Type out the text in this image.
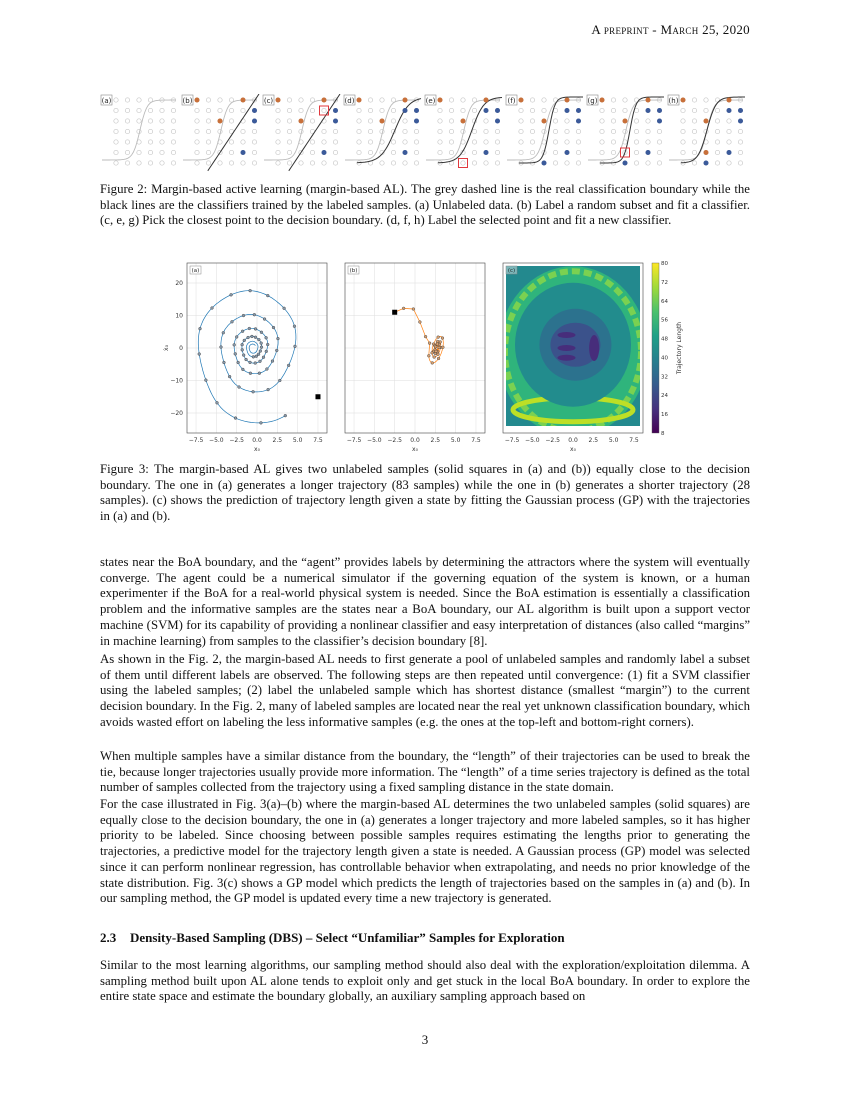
A preprint - March 25, 2020
(a)	(b)	(c)	(d)	(e)	(f)	(g)	(h)

Figure 2: Margin-based active learning (margin-based AL). The grey dashed line is the real classification boundary while the black lines are the classifiers trained by the labeled samples. (a) Unlabeled data. (b) Label a random subset and fit a classifier. (c, e, g) Pick the closest point to the decision boundary. (d, f, h) Label the selected point and fit a new classifier.

−7.5 −5.0 −2.5 0.0 2.5 5.0 7.5
x₀
20
10
0
−10
−20
ẋ₀
(a)
−7.5 −5.0 −2.5 0.0 2.5 5.0 7.5
x₀
(b)
−7.5 −5.0 −2.5 0.0 2.5 5.0 7.5
x₀
(c)
80
72
64
56
48
40
32
24
16
8
Trajectory Length

Figure 3: The margin-based AL gives two unlabeled samples (solid squares in (a) and (b)) equally close to the decision boundary. The one in (a) generates a longer trajectory (83 samples) while the one in (b) generates a shorter trajectory (28 samples). (c) shows the prediction of trajectory length given a state by fitting the Gaussian process (GP) with the trajectories in (a) and (b).

states near the BoA boundary, and the “agent” provides labels by determining the attractors where the system will eventually converge. The agent could be a numerical simulator if the governing equation of the system is known, or a human experimenter if the BoA for a real-world physical system is needed. Since the BoA estimation is essentially a classification problem and the informative samples are the states near a BoA boundary, our AL algorithm is built upon a support vector machine (SVM) for its capability of providing a nonlinear classifier and easy interpretation of distances (also called “margins” in machine learning) from samples to the classifier’s decision boundary [8].

As shown in the Fig. 2, the margin-based AL needs to first generate a pool of unlabeled samples and randomly label a subset of them until different labels are observed. The following steps are then repeated until convergence: (1) fit a SVM classifier using the labeled samples; (2) label the unlabeled sample which has shortest distance (smallest “margin”) to the current decision boundary. In the Fig. 2, many of labeled samples are located near the real yet unknown classification boundary, which avoids wasted effort on labeling the less informative samples (e.g. the ones at the top-left and bottom-right corners).

When multiple samples have a similar distance from the boundary, the “length” of their trajectories can be used to break the tie, because longer trajectories usually provide more information. The “length” of a time series trajectory is defined as the total number of samples collected from the trajectory using a fixed sampling distance in the state domain.

For the case illustrated in Fig. 3(a)–(b) where the margin-based AL determines the two unlabeled samples (solid squares) are equally close to the decision boundary, the one in (a) generates a longer trajectory and more labeled samples, so it has higher priority to be labeled. Since choosing between possible samples requires estimating the lengths prior to generating the trajectories, a predictive model for the trajectory length given a state is needed. A Gaussian process (GP) model was selected since it can perform nonlinear regression, has controllable behavior when extrapolating, and needs no prior knowledge of the state distribution. Fig. 3(c) shows a GP model which predicts the length of trajectories based on the samples in (a) and (b). In our sampling method, the GP model is updated every time a new trajectory is generated.

2.3 Density-Based Sampling (DBS) – Select “Unfamiliar” Samples for Exploration

Similar to the most learning algorithms, our sampling method should also deal with the exploration/exploitation dilemma. A sampling method built upon AL alone tends to exploit only and get stuck in the local BoA boundary. In order to explore the entire state space and estimate the boundary globally, an auxiliary sampling approach based on

3
